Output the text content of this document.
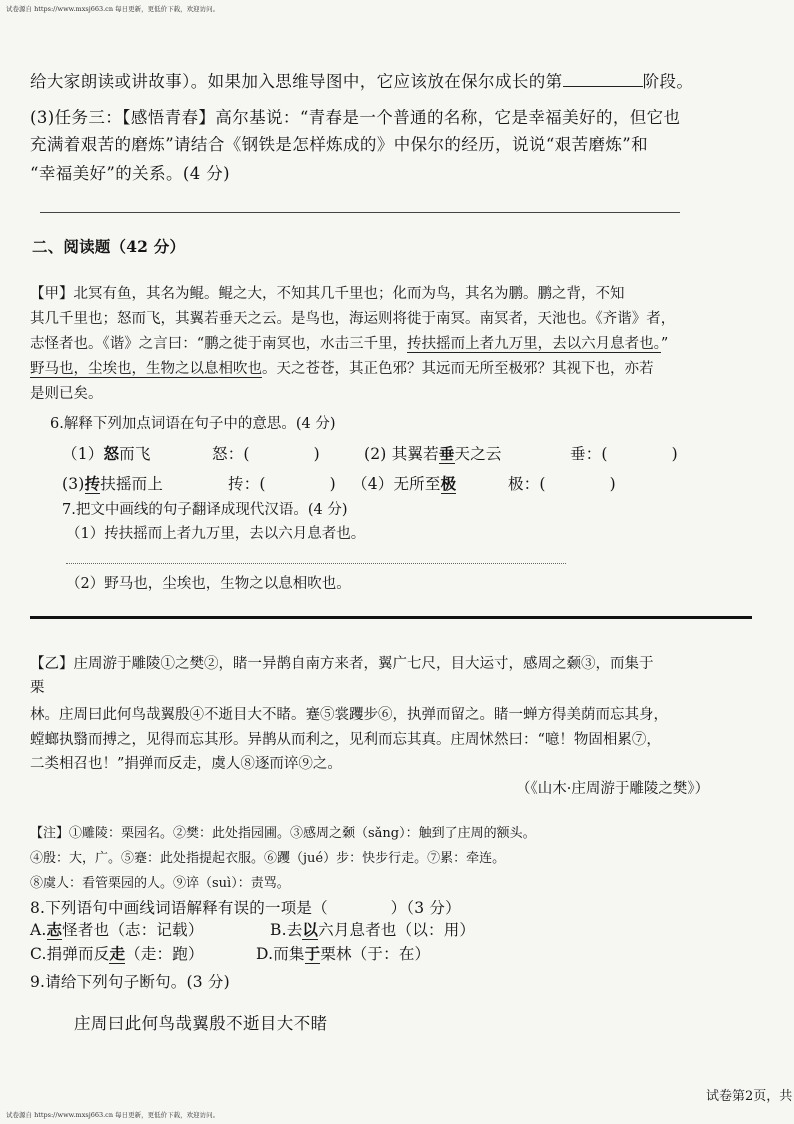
试卷源自 https://www.mxsj663.cn 每日更新，更低价下载，欢迎访问。
给大家朗读或讲故事）。如果加入思维导图中，它应该放在保尔成长的第	阶段。
(3)任务三：【感悟青春】高尔基说：“青春是一个普通的名称，它是幸福美好的，但它也
充满着艰苦的磨炼”请结合《钢铁是怎样炼成的》中保尔的经历，说说“艰苦磨炼”和
“幸福美好”的关系。(4 分)
二、阅读题（42 分）
【甲】北冥有鱼，其名为鲲。鲲之大，不知其几千里也；化而为鸟，其名为鹏。鹏之背，不知
其几千里也；怒而飞，其翼若垂天之云。是鸟也，海运则将徙于南冥。南冥者，天池也。《齐谐》者，
志怪者也。《谐》之言曰：“鹏之徙于南冥也，水击三千里，抟扶摇而上者九万里，去以六月息者也。”
野马也，尘埃也，生物之以息相吹也。天之苍苍，其正色邪？其远而无所至极邪？其视下也，亦若
是则已矣。
6.解释下列加点词语在句子中的意思。(4 分)
（1）怒而飞	怒：(	)	(2) 其翼若垂天之云	垂：(	)
(3)抟扶摇而上	抟：(	) （4）无所至极	极：(	)
7.把文中画线的句子翻译成现代汉语。(4 分)
（1）抟扶摇而上者九万里，去以六月息者也。
（2）野马也，尘埃也，生物之以息相吹也。
【乙】庄周游于雕陵①之樊②，睹一异鹊自南方来者，翼广七尺，目大运寸，感周之颡③，而集于
栗
林。庄周曰此何鸟哉翼殷④不逝目大不睹。蹇⑤裳躩步⑥，执弹而留之。睹一蝉方得美荫而忘其身，
螳螂执翳而搏之，见得而忘其形。异鹊从而利之，见利而忘其真。庄周怵然曰：“噫！物固相累⑦，
二类相召也！”捐弹而反走，虞人⑧逐而谇⑨之。
（《山木·庄周游于雕陵之樊》）
【注】①雕陵：栗园名。②樊：此处指园圃。③感周之颡（sǎng）：触到了庄周的额头。
④殷：大，广。⑤蹇：此处指提起衣服。⑥躩（jué）步：快步行走。⑦累：牵连。
⑧虞人：看管栗园的人。⑨谇（suì）：责骂。
8.下列语句中画线词语解释有误的一项是（　　　　）（3 分）
A.志怪者也（志：记载）	B.去以六月息者也（以：用）
C.捐弹而反走（走：跑）	D.而集于栗林（于：在）
9.请给下列句子断句。(3 分)
庄周曰此何鸟哉翼殷不逝目大不睹
试卷第2页，共
试卷源自 https://www.mxsj663.cn 每日更新，更低价下载，欢迎访问。
